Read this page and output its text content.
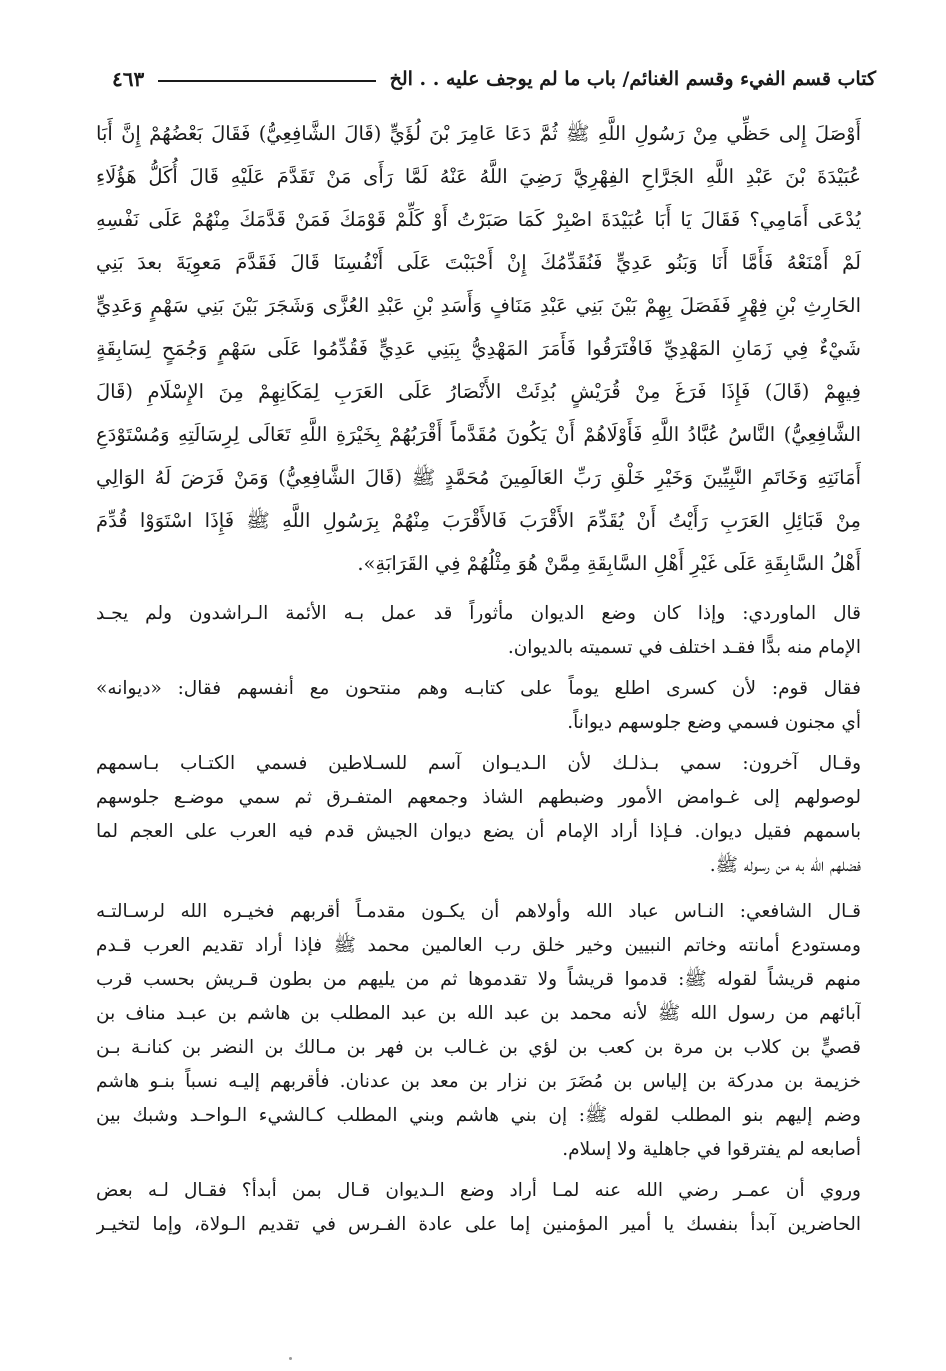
كتاب قسم الفيء وقسم الغنائم/ باب ما لم يوجف عليه . . الخ
٤٦٣
أَوْصَلَ إِلى حَظِّي مِنْ رَسُولِ اللَّهِ ﷺ ثُمَّ دَعَا عَامِرَ بْنَ لُؤَيٍّ (قَالَ الشَّافِعِيُّ) فَقَالَ بَعْضُهُمْ إِنَّ أَبَا
عُبَيْدَةَ بْنَ عَبْدِ اللَّهِ الجَرَّاحِ الفِهْرِيَّ رَضِيَ اللَّهُ عَنْهُ لَمَّا رَأَى مَنْ تَقَدَّمَ عَلَيْهِ قَالَ أُكَلُّ هَؤُلَاءِ
يُدْعَى أَمَامِي؟ فَقَالَ يَا أَبَا عُبَيْدَةَ اصْبِرْ كَمَا صَبَرْتُ أَوْ كَلِّمْ قَوْمَكَ فَمَنْ قَدَّمَكَ مِنْهُمْ عَلَى نَفْسِهِ
لَمْ أَمْنَعْهُ فَأَمَّا أَنَا وَبَنُو عَدِيٍّ فَنُقَدِّمُكَ إِنْ أَحْبَبْتَ عَلَى أَنْفُسِنَا قَالَ فَقَدَّمَ مَعوِيَةَ بعدَ بَنِي
الحَارِثِ بْنِ فِهْرٍ فَفَصَلَ بِهِمْ بَيْنَ بَنِي عَبْدِ مَنَافٍ وَأَسَدِ بْنِ عَبْدِ العُزَّى وَشَجَرَ بَيْنَ بَنِي سَهْمٍ وَعَدِيٍّ
شَيْءٌ فِي زَمَانِ المَهْدِيِّ فَافْتَرَقُوا فَأَمَرَ المَهْدِيُّ بِبَنِي عَدِيٍّ فَقُدِّمُوا عَلَى سَهْمٍ وَجُمَحٍ لِسَابِقَةٍ
فِيهِمْ (قَالَ) فَإِذَا فَرَغَ مِنْ قُرَيْشٍ بُدِئَتْ الأَنْصَارُ عَلَى العَرَبِ لِمَكَانِهِمْ مِنَ الإِسْلَامِ (قَالَ
الشَّافِعِيُّ) النَّاسُ عُبَّادُ اللَّهِ فَأَوْلَاهُمْ أَنْ يَكُونَ مُقَدَّماً أَقْرَبُهُمْ بِخَيْرَةِ اللَّهِ تَعَالَى لِرِسَالَتِهِ وَمُسْتَوْدَعِ
أَمَانَتِهِ وَخَاتَمِ النَّبِيِّينَ وَخَيْرِ خَلْقِ رَبِّ العَالَمِينَ مُحَمَّدٍ ﷺ (قَالَ الشَّافِعِيُّ) وَمَنْ فَرَضَ لَهُ الوَالِي
مِنْ قَبَائِلِ العَرَبِ رَأَيْتُ أَنْ يُقَدِّمَ الأَقْرَبَ فَالأَقْرَبَ مِنْهُمْ بِرَسُولِ اللَّهِ ﷺ فَإِذَا اسْتَوَوْا قُدِّمَ
أَهْلُ السَّابِقَةِ عَلَى غَيْرِ أَهْلِ السَّابِقَةِ مِمَّنْ هُوَ مِثْلُهُمْ فِي القَرَابَةِ».
قال الماوردي: وإذا كان وضع الديوان مأثوراً قد عمل بـه الأئمة الـراشدون ولم يجـد
الإمام منه بدًّا فقـد اختلف في تسميته بالديوان.
فقال قوم: لأن كسرى اطلع يوماً على كتابـه وهم منتحون مع أنفسهم فقال: «ديوانه»
أي مجنون فسمي وضع جلوسهم ديواناً.
وقـال آخرون: سمي بـذلـك لأن الـديـوان آسم للسـلاطين فسمي الكتـاب بـاسمهم
لوصولهم إلى غـوامض الأمور وضبطهم الشاذ وجمعهم المتفـرق ثم سمي موضـع جلوسهم
باسمهم فقيل ديوان. فـإذا أراد الإمام أن يضع ديوان الجيش قدم فيه العرب على العجم لما
فضلهم الله به من رسوله ﷺ.
قـال الشافعي: النـاس عباد الله وأولاهم أن يكـون مقدمـاً أقربهم فخيـره الله لرسـالتـه
ومستودع أمانته وخاتم النبيين وخير خلق رب العالمين محمد ﷺ فإذا أراد تقديم العرب قـدم
منهم قريشاً لقوله ﷺ: قدموا قريشاً ولا تقدموها ثم من يليهم من بطون قـريش بحسب قرب
آبائهم من رسول الله ﷺ لأنه محمد بن عبد الله بن عبد المطلب بن هاشم بن عبـد مناف بن
قصيٍّ بن كلاب بن مرة بن كعب بن لؤي بن غـالب بن فهر بن مـالك بن النضر بن كنانـة بـن
خزيمة بن مدركة بن إلياس بن مُضَرَ بن نزار بن معد بن عدنان. فأقربهم إليـه نسباً بنـو هاشم
وضم إليهم بنو المطلب لقوله ﷺ: إن بني هاشم وبني المطلب كـالشيء الـواحـد وشبك بين
أصابعه لم يفترقوا في جاهلية ولا إسلام.
وروي أن عمـر رضي الله عنه لمـا أراد وضع الـديوان قـال بمن أبدأ؟ فقـال لـه بعض
الحاضرين آبدأ بنفسك يا أمير المؤمنين إما على عادة الفـرس في تقديم الـولاة، وإما لتخيـر
